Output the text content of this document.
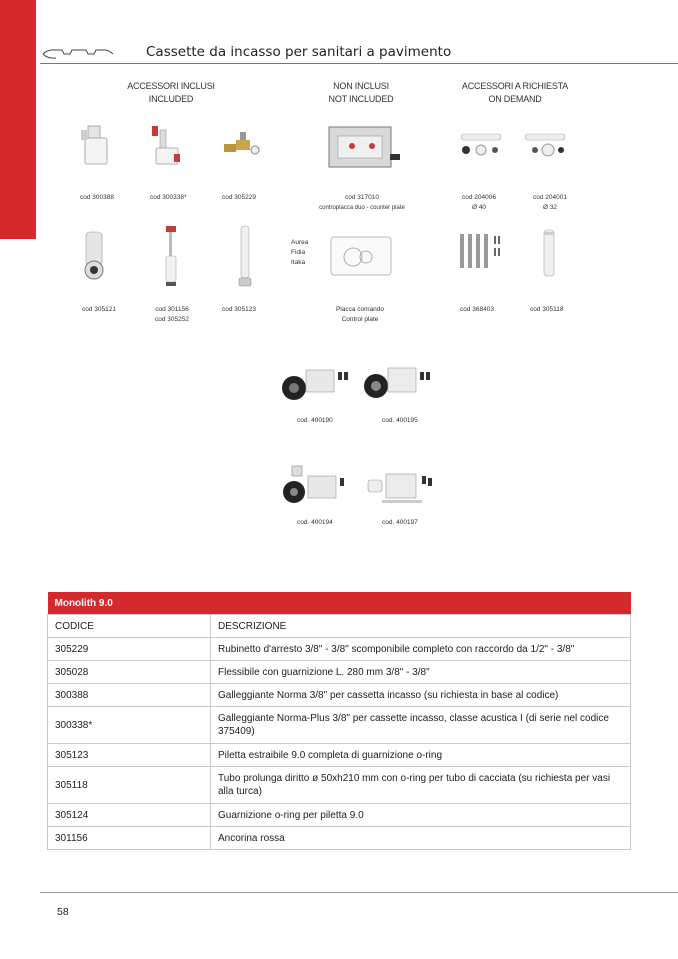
Cassette da incasso per sanitari a pavimento
ACCESSORI INCLUSI
INCLUDED
NON INCLUSI
NOT INCLUDED
ACCESSORI A RICHIESTA
ON DEMAND
cod 300388	cod 300338*	cod 305229	cod 317010
controplacca duo - counter plate
cod 204006
Ø 40
cod 204001
Ø 32
Aurea
Fidia
Itaka
cod 305121	cod 301156
cod 305252
cod 305123	Placca comando
Control plate
cod 368403	cod 305118
cod. 400190	cod. 400195
cod. 400194	cod. 400197
Monolith 9.0	
CODICE	DESCRIZIONE
305229	Rubinetto d'arresto 3/8" - 3/8" scomponibile completo con raccordo da 1/2" - 3/8"
305028	Flessibile con guarnizione L. 280 mm 3/8" - 3/8"
300388	Galleggiante Norma 3/8" per cassetta incasso (su richiesta in base al codice)
300338*	Galleggiante Norma-Plus 3/8" per cassette incasso, classe acustica I (di serie nel codice 375409)
305123	Piletta estraibile 9.0 completa di guarnizione o-ring
305118	Tubo prolunga diritto ø 50xh210 mm con o-ring per tubo di cacciata (su richiesta per vasi alla turca)
305124	Guarnizione o-ring per piletta 9.0
301156	Ancorina rossa
58
